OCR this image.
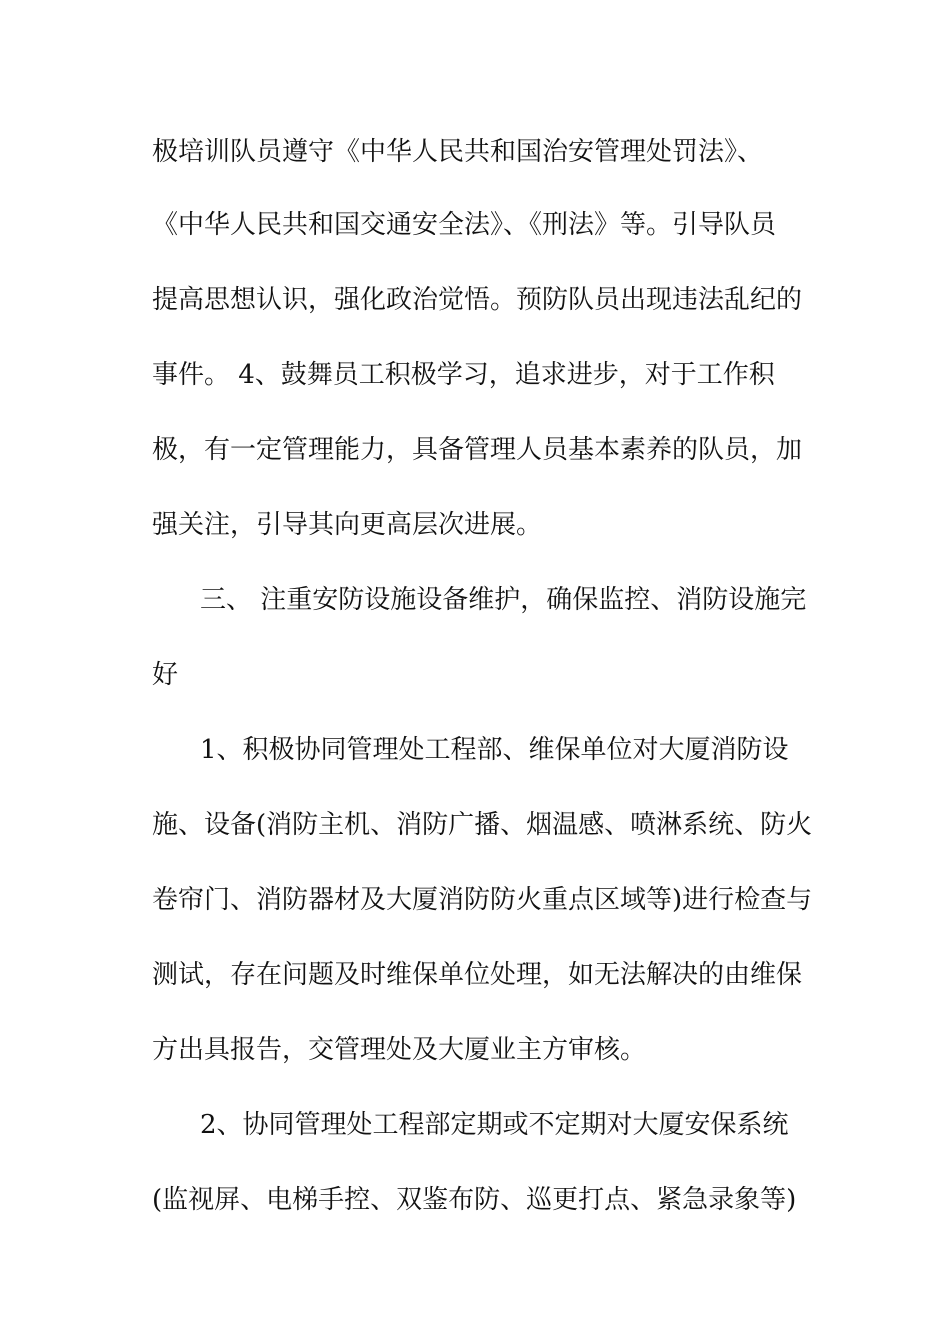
极培训队员遵守《中华人民共和国治安管理处罚法》、
《中华人民共和国交通安全法》、《刑法》等。引导队员
提高思想认识，强化政治觉悟。预防队员出现违法乱纪的
事件。 4、鼓舞员工积极学习，追求进步，对于工作积
极，有一定管理能力，具备管理人员基本素养的队员，加
强关注，引导其向更高层次进展。
三、 注重安防设施设备维护，确保监控、消防设施完
好
1、积极协同管理处工程部、维保单位对大厦消防设
施、设备(消防主机、消防广播、烟温感、喷淋系统、防火
卷帘门、消防器材及大厦消防防火重点区域等)进行检查与
测试，存在问题及时维保单位处理，如无法解决的由维保
方出具报告，交管理处及大厦业主方审核。
2、协同管理处工程部定期或不定期对大厦安保系统
(监视屏、电梯手控、双鉴布防、巡更打点、紧急录象等)
